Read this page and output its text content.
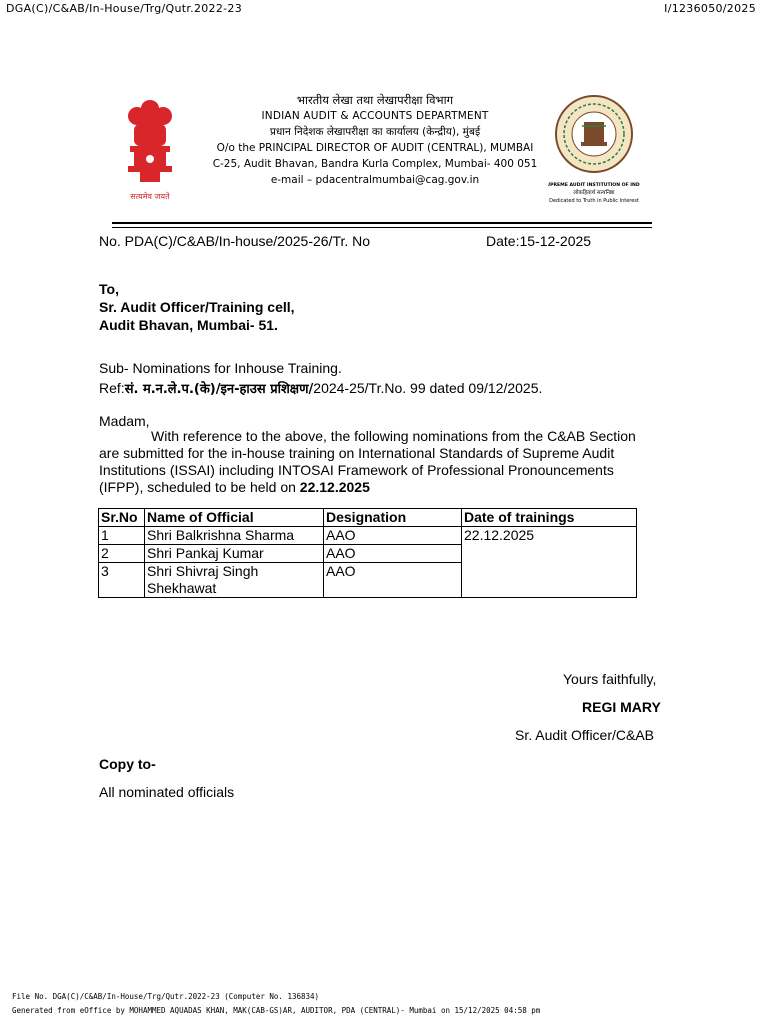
DGA(C)/C&AB/In-House/Trg/Qutr.2022-23	I/1236050/2025
सत्यमेव जयते
भारतीय लेखा तथा लेखापरीक्षा विभाग
INDIAN AUDIT & ACCOUNTS DEPARTMENT
प्रधान निदेशक लेखापरीक्षा का कार्यालय (केन्द्रीय), मुंबई
O/o the PRINCIPAL DIRECTOR OF AUDIT (CENTRAL), MUMBAI
C-25, Audit Bhavan, Bandra Kurla Complex, Mumbai- 400 051
e-mail – pdacentralmumbai@cag.gov.in	SUPREME AUDIT INSTITUTION OF INDIA
लोकहितार्थ सत्यनिष्ठा
Dedicated to Truth in Public Interest
No. PDA(C)/C&AB/In-house/2025-26/Tr. No	Date:15-12-2025
To,
Sr. Audit Officer/Training cell,
Audit Bhavan, Mumbai- 51.
Sub- Nominations for Inhouse Training.
Ref:सं. म.न.ले.प.(के)/इन-हाउस प्रशिक्षण/2024-25/Tr.No. 99 dated 09/12/2025.
Madam,
With reference to the above, the following nominations from the C&AB Section are submitted for the in-house training on International Standards of Supreme Audit Institutions (ISSAI) including INTOSAI Framework of Professional Pronouncements (IFPP), scheduled to be held on 22.12.2025
Sr.No	Name of Official	Designation	Date of trainings
1	Shri Balkrishna Sharma	AAO	22.12.2025
2	Shri Pankaj Kumar	AAO	
3	Shri Shivraj Singh Shekhawat	AAO	
Yours faithfully,
REGI MARY
Sr. Audit Officer/C&AB
Copy to-
All nominated officials
File No. DGA(C)/C&AB/In-House/Trg/Qutr.2022-23 (Computer No. 136834)
Generated from eOffice by MOHAMMED AQUADAS KHAN, MAK(CAB-GS)AR, AUDITOR, PDA (CENTRAL)- Mumbai on 15/12/2025 04:58 pm
